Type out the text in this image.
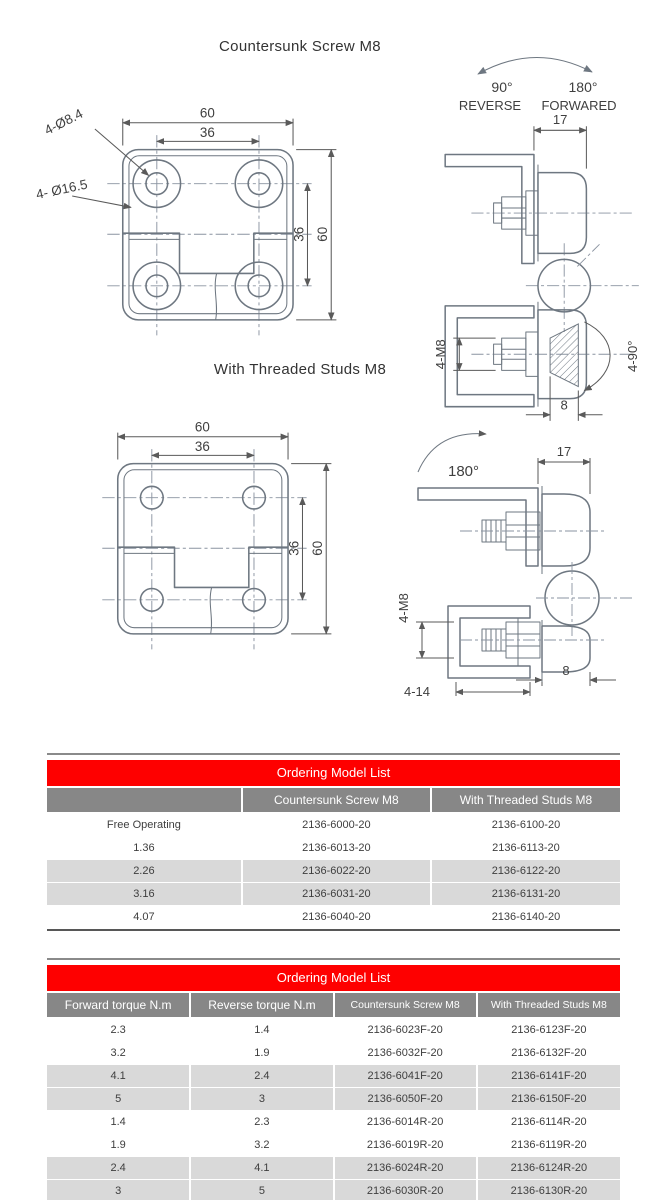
Countersunk Screw M8
90°	180°
REVERSE FORWARED
60
36
60
36
4-Ø8.4
4- Ø16.5
4-90°
4-M8
17
8
With Threaded Studs M8
60
36
60
36
180°
17
4-M8
8
4-14
Ordering Model List
	Countersunk Screw M8	With Threaded Studs M8
Free Operating	2136-6000-20	2136-6100-20
1.36	2136-6013-20	2136-6113-20
2.26	2136-6022-20	2136-6122-20
3.16	2136-6031-20	2136-6131-20
4.07	2136-6040-20	2136-6140-20
Ordering Model List
Forward torque N.m	Reverse torque N.m	Countersunk Screw M8	With Threaded Studs M8
2.3	1.4	2136-6023F-20	2136-6123F-20
3.2	1.9	2136-6032F-20	2136-6132F-20
4.1	2.4	2136-6041F-20	2136-6141F-20
5	3	2136-6050F-20	2136-6150F-20
1.4	2.3	2136-6014R-20	2136-6114R-20
1.9	3.2	2136-6019R-20	2136-6119R-20
2.4	4.1	2136-6024R-20	2136-6124R-20
3	5	2136-6030R-20	2136-6130R-20
